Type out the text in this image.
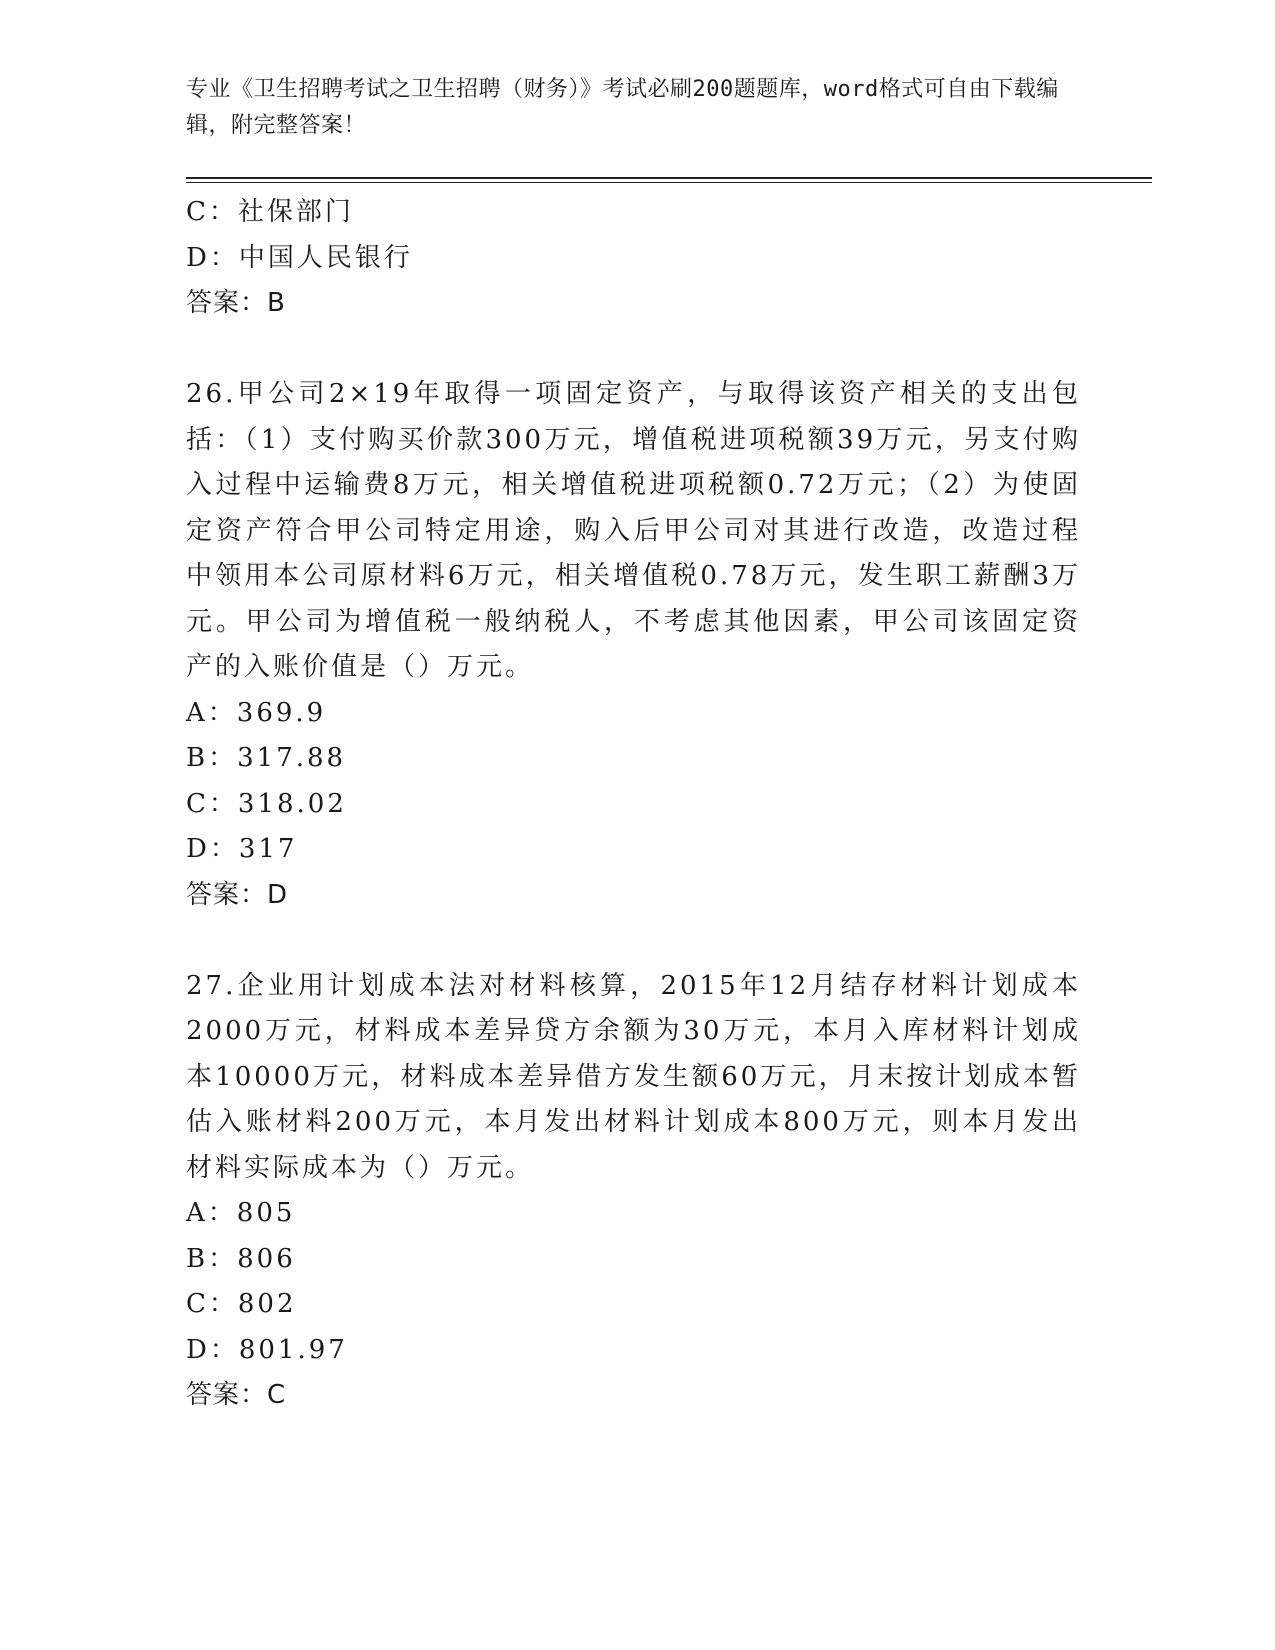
专业《卫生招聘考试之卫生招聘（财务）》考试必刷200题题库，word格式可自由下载编辑，附完整答案！
C：社保部门
D：中国人民银行
答案：B
26.甲公司2×19年取得一项固定资产，与取得该资产相关的支出包括：（1）支付购买价款300万元，增值税进项税额39万元，另支付购入过程中运输费8万元，相关增值税进项税额0.72万元；（2）为使固定资产符合甲公司特定用途，购入后甲公司对其进行改造，改造过程中领用本公司原材料6万元，相关增值税0.78万元，发生职工薪酬3万元。甲公司为增值税一般纳税人，不考虑其他因素，甲公司该固定资产的入账价值是（）万元。
A：369.9
B：317.88
C：318.02
D：317
答案：D
27.企业用计划成本法对材料核算，2015年12月结存材料计划成本2000万元，材料成本差异贷方余额为30万元，本月入库材料计划成本10000万元，材料成本差异借方发生额60万元，月末按计划成本暂估入账材料200万元，本月发出材料计划成本800万元，则本月发出材料实际成本为（）万元。
A：805
B：806
C：802
D：801.97
答案：C
